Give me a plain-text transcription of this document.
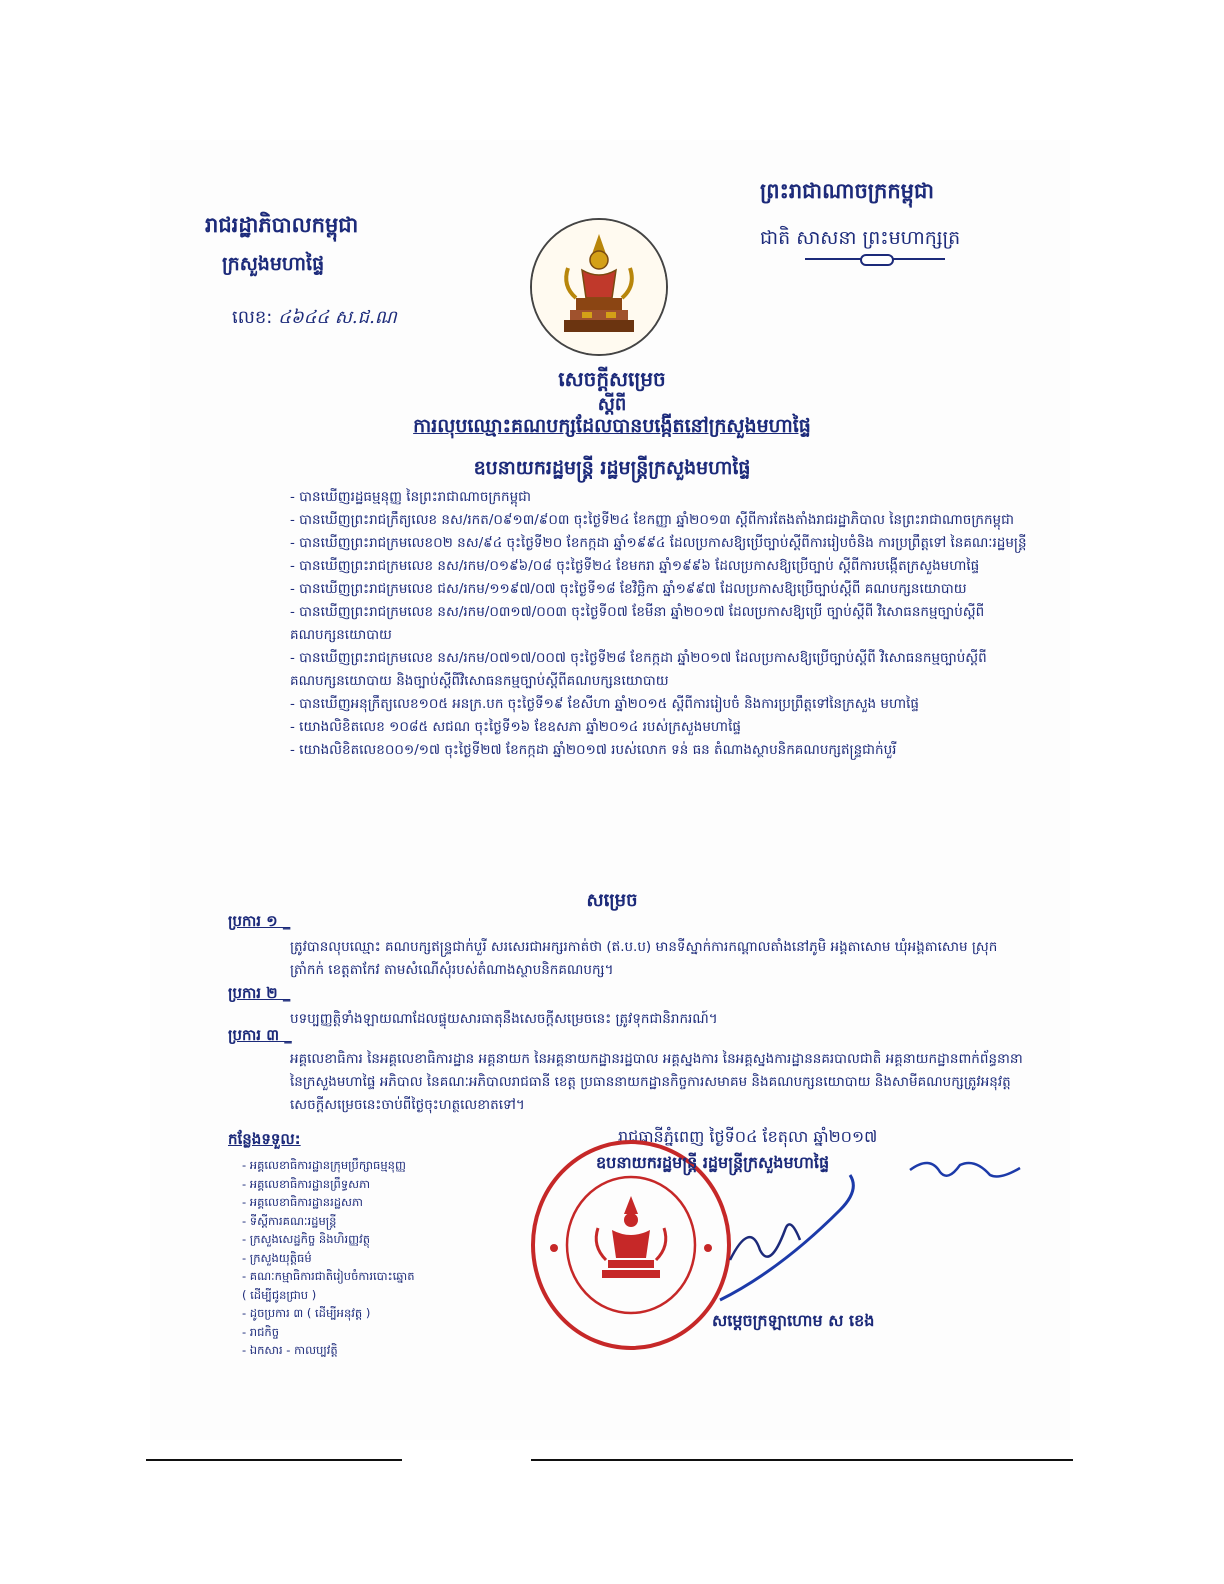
ព្រះរាជាណាចក្រកម្ពុជា
ជាតិ សាសនា ព្រះមហាក្សត្រ
រាជរដ្ឋាភិបាលកម្ពុជា
ក្រសួងមហាផ្ទៃ
លេខ: ៤៦៤៤ ស.ជ.ណ
សេចក្តីសម្រេច
ស្តីពី
ការលុបឈ្មោះគណបក្សដែលបានបង្កើតនៅក្រសួងមហាផ្ទៃ
ឧបនាយករដ្ឋមន្ត្រី រដ្ឋមន្ត្រីក្រសួងមហាផ្ទៃ

- បានឃើញរដ្ឋធម្មនុញ្ញ នៃព្រះរាជាណាចក្រកម្ពុជា

- បានឃើញព្រះរាជក្រឹត្យលេខ នស/រកត/០៩១៣/៩០៣ ចុះថ្ងៃទី២៤ ខែកញ្ញា ឆ្នាំ២០១៣ ស្តីពីការតែងតាំងរាជរដ្ឋាភិបាល នៃព្រះរាជាណាចក្រកម្ពុជា

- បានឃើញព្រះរាជក្រមលេខ០២ នស/៩៤ ចុះថ្ងៃទី២០ ខែកក្កដា ឆ្នាំ១៩៩៤ ដែលប្រកាសឱ្យប្រើច្បាប់ស្តីពីការរៀបចំនិង ការប្រព្រឹត្តទៅ នៃគណៈរដ្ឋមន្ត្រី

- បានឃើញព្រះរាជក្រមលេខ នស/រកម/០១៩៦/០៨ ចុះថ្ងៃទី២៤ ខែមករា ឆ្នាំ១៩៩៦ ដែលប្រកាសឱ្យប្រើច្បាប់ ស្តីពីការបង្កើតក្រសួងមហាផ្ទៃ

- បានឃើញព្រះរាជក្រមលេខ ជស/រកម/១១៩៧/០៧ ចុះថ្ងៃទី១៨ ខែវិច្ឆិកា ឆ្នាំ១៩៩៧ ដែលប្រកាសឱ្យប្រើច្បាប់ស្តីពី គណបក្សនយោបាយ

- បានឃើញព្រះរាជក្រមលេខ នស/រកម/០៣១៧/០០៣ ចុះថ្ងៃទី០៧ ខែមីនា ឆ្នាំ២០១៧ ដែលប្រកាសឱ្យប្រើ ច្បាប់ស្តីពី វិសោធនកម្មច្បាប់ស្តីពីគណបក្សនយោបាយ

- បានឃើញព្រះរាជក្រមលេខ នស/រកម/០៧១៧/០០៧ ចុះថ្ងៃទី២៨ ខែកក្កដា ឆ្នាំ២០១៧ ដែលប្រកាសឱ្យប្រើច្បាប់ស្តីពី វិសោធនកម្មច្បាប់ស្តីពីគណបក្សនយោបាយ និងច្បាប់ស្តីពីវិសោធនកម្មច្បាប់ស្តីពីគណបក្សនយោបាយ

- បានឃើញអនុក្រឹត្យលេខ១០៥ អនក្រ.បក ចុះថ្ងៃទី១៩ ខែសីហា ឆ្នាំ២០១៥ ស្តីពីការរៀបចំ និងការប្រព្រឹត្តទៅនៃក្រសួង មហាផ្ទៃ

- យោងលិខិតលេខ ១០៨៥ សជណ ចុះថ្ងៃទី១៦ ខែឧសភា ឆ្នាំ២០១៤ របស់ក្រសួងមហាផ្ទៃ

- យោងលិខិតលេខ០០១/១៧ ចុះថ្ងៃទី២៧ ខែកក្កដា ឆ្នាំ២០១៧ របស់លោក ទន់ ធន តំណាងស្ថាបនិកគណបក្សឥន្ទ្រជាក់បួរី

សម្រេច
ប្រការ ១ _
ត្រូវបានលុបឈ្មោះ គណបក្សឥន្ទ្រជាក់បួរី សរសេរជាអក្សរកាត់ថា (ឥ.ប.ប) មានទីស្នាក់ការកណ្តាលតាំងនៅភូមិ អង្គតាសោម ឃុំអង្គតាសោម ស្រុកត្រាំកក់ ខេត្តតាកែវ តាមសំណើសុំរបស់តំណាងស្ថាបនិកគណបក្ស។
ប្រការ ២ _
បទប្បញ្ញត្តិទាំងឡាយណាដែលផ្ទុយសារធាតុនឹងសេចក្តីសម្រេចនេះ ត្រូវទុកជានិរាករណ៍។
ប្រការ ៣ _
អគ្គលេខាធិការ នៃអគ្គលេខាធិការដ្ឋាន អគ្គនាយក នៃអគ្គនាយកដ្ឋានរដ្ឋបាល អគ្គស្នងការ នៃអគ្គស្នងការដ្ឋាននគរបាលជាតិ អគ្គនាយកដ្ឋានពាក់ព័ន្ធនានា នៃក្រសួងមហាផ្ទៃ អភិបាល នៃគណៈអភិបាលរាជធានី ខេត្ត ប្រធាននាយកដ្ឋានកិច្ចការសមាគម និងគណបក្សនយោបាយ និងសាមីគណបក្សត្រូវអនុវត្តសេចក្តីសម្រេចនេះចាប់ពីថ្ងៃចុះហត្ថលេខាតទៅ។
កន្លែងទទួល:
- អគ្គលេខាធិការដ្ឋានក្រុមប្រឹក្សាធម្មនុញ្ញ
- អគ្គលេខាធិការដ្ឋានព្រឹទ្ធសភា
- អគ្គលេខាធិការដ្ឋានរដ្ឋសភា
- ទីស្តីការគណៈរដ្ឋមន្ត្រី
- ក្រសួងសេដ្ឋកិច្ច និងហិរញ្ញវត្ថុ
- ក្រសួងយុត្តិធម៌
- គណៈកម្មាធិការជាតិរៀបចំការបោះឆ្នោត
( ដើម្បីជូនជ្រាប )
- ដូចប្រការ ៣ ( ដើម្បីអនុវត្ត )
- រាជកិច្ច
- ឯកសារ - កាលប្បវត្តិ
រាជធានីភ្នំពេញ ថ្ងៃទី០៤ ខែតុលា ឆ្នាំ២០១៧
ឧបនាយករដ្ឋមន្ត្រី រដ្ឋមន្ត្រីក្រសួងមហាផ្ទៃ
សម្តេចក្រឡាហោម ស ខេង
